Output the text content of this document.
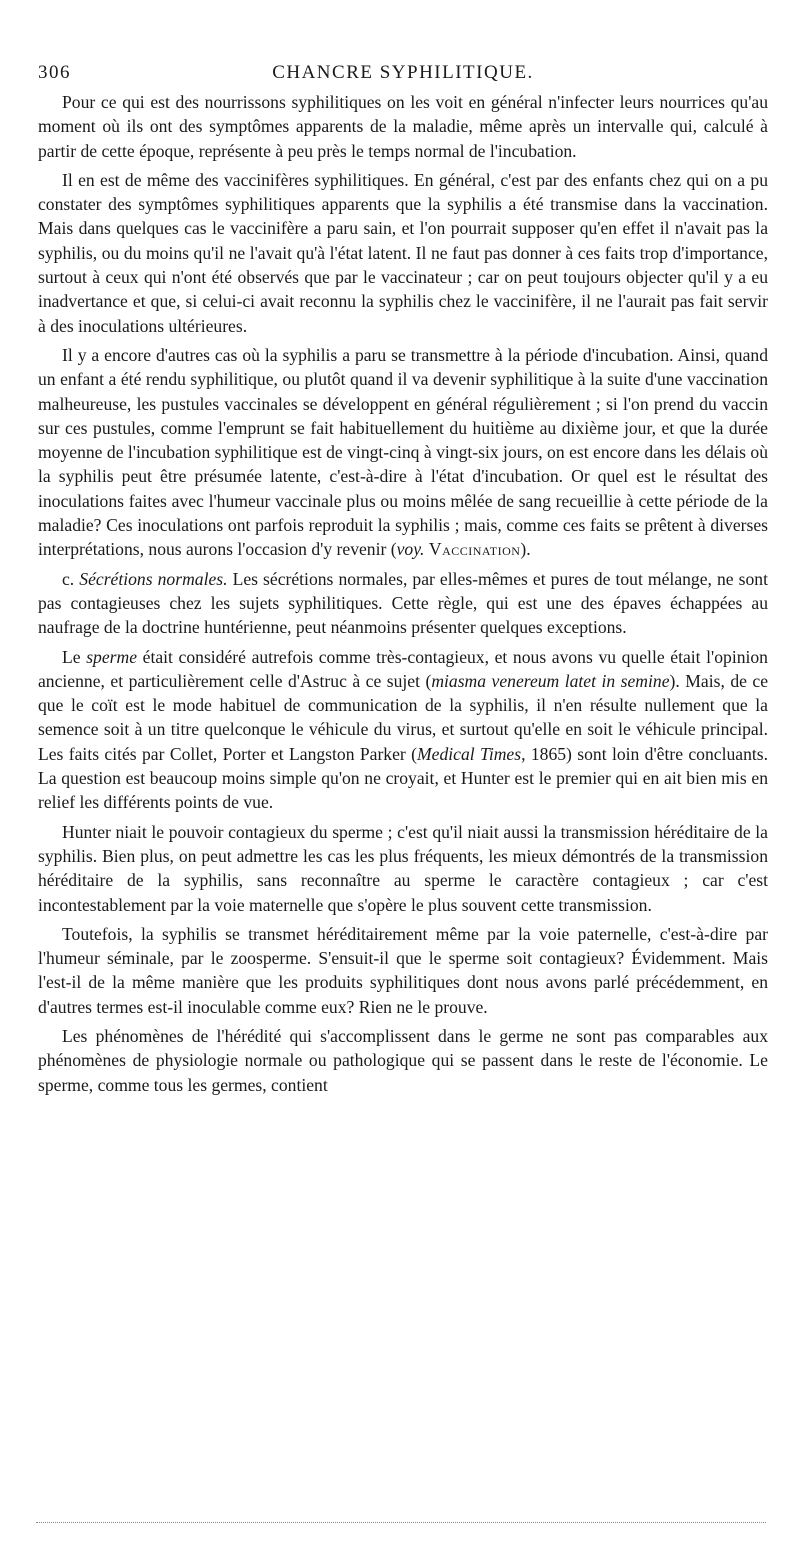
306	CHANCRE SYPHILITIQUE.

Pour ce qui est des nourrissons syphilitiques on les voit en général n'infecter leurs nourrices qu'au moment où ils ont des symptômes apparents de la maladie, même après un intervalle qui, calculé à partir de cette époque, représente à peu près le temps normal de l'incubation.

Il en est de même des vaccinifères syphilitiques. En général, c'est par des enfants chez qui on a pu constater des symptômes syphilitiques apparents que la syphilis a été transmise dans la vaccination. Mais dans quelques cas le vaccinifère a paru sain, et l'on pourrait supposer qu'en effet il n'avait pas la syphilis, ou du moins qu'il ne l'avait qu'à l'état latent. Il ne faut pas donner à ces faits trop d'importance, surtout à ceux qui n'ont été observés que par le vaccinateur ; car on peut toujours objecter qu'il y a eu inadvertance et que, si celui-ci avait reconnu la syphilis chez le vaccinifère, il ne l'aurait pas fait servir à des inoculations ultérieures.

Il y a encore d'autres cas où la syphilis a paru se transmettre à la période d'incubation. Ainsi, quand un enfant a été rendu syphilitique, ou plutôt quand il va devenir syphilitique à la suite d'une vaccination malheureuse, les pustules vaccinales se développent en général régulièrement ; si l'on prend du vaccin sur ces pustules, comme l'emprunt se fait habituellement du huitième au dixième jour, et que la durée moyenne de l'incubation syphilitique est de vingt-cinq à vingt-six jours, on est encore dans les délais où la syphilis peut être présumée latente, c'est-à-dire à l'état d'incubation. Or quel est le résultat des inoculations faites avec l'humeur vaccinale plus ou moins mêlée de sang recueillie à cette période de la maladie? Ces inoculations ont parfois reproduit la syphilis ; mais, comme ces faits se prêtent à diverses interprétations, nous aurons l'occasion d'y revenir (voy. Vaccination).

c. Sécrétions normales. Les sécrétions normales, par elles-mêmes et pures de tout mélange, ne sont pas contagieuses chez les sujets syphilitiques. Cette règle, qui est une des épaves échappées au naufrage de la doctrine huntérienne, peut néanmoins présenter quelques exceptions.

Le sperme était considéré autrefois comme très-contagieux, et nous avons vu quelle était l'opinion ancienne, et particulièrement celle d'Astruc à ce sujet (miasma venereum latet in semine). Mais, de ce que le coït est le mode habituel de communication de la syphilis, il n'en résulte nullement que la semence soit à un titre quelconque le véhicule du virus, et surtout qu'elle en soit le véhicule principal. Les faits cités par Collet, Porter et Langston Parker (Medical Times, 1865) sont loin d'être concluants. La question est beaucoup moins simple qu'on ne croyait, et Hunter est le premier qui en ait bien mis en relief les différents points de vue.

Hunter niait le pouvoir contagieux du sperme ; c'est qu'il niait aussi la transmission héréditaire de la syphilis. Bien plus, on peut admettre les cas les plus fréquents, les mieux démontrés de la transmission héréditaire de la syphilis, sans reconnaître au sperme le caractère contagieux ; car c'est incontestablement par la voie maternelle que s'opère le plus souvent cette transmission.

Toutefois, la syphilis se transmet héréditairement même par la voie paternelle, c'est-à-dire par l'humeur séminale, par le zoosperme. S'ensuit-il que le sperme soit contagieux? Évidemment. Mais l'est-il de la même manière que les produits syphilitiques dont nous avons parlé précédemment, en d'autres termes est-il inoculable comme eux? Rien ne le prouve.

Les phénomènes de l'hérédité qui s'accomplissent dans le germe ne sont pas comparables aux phénomènes de physiologie normale ou pathologique qui se passent dans le reste de l'économie. Le sperme, comme tous les germes, contient
